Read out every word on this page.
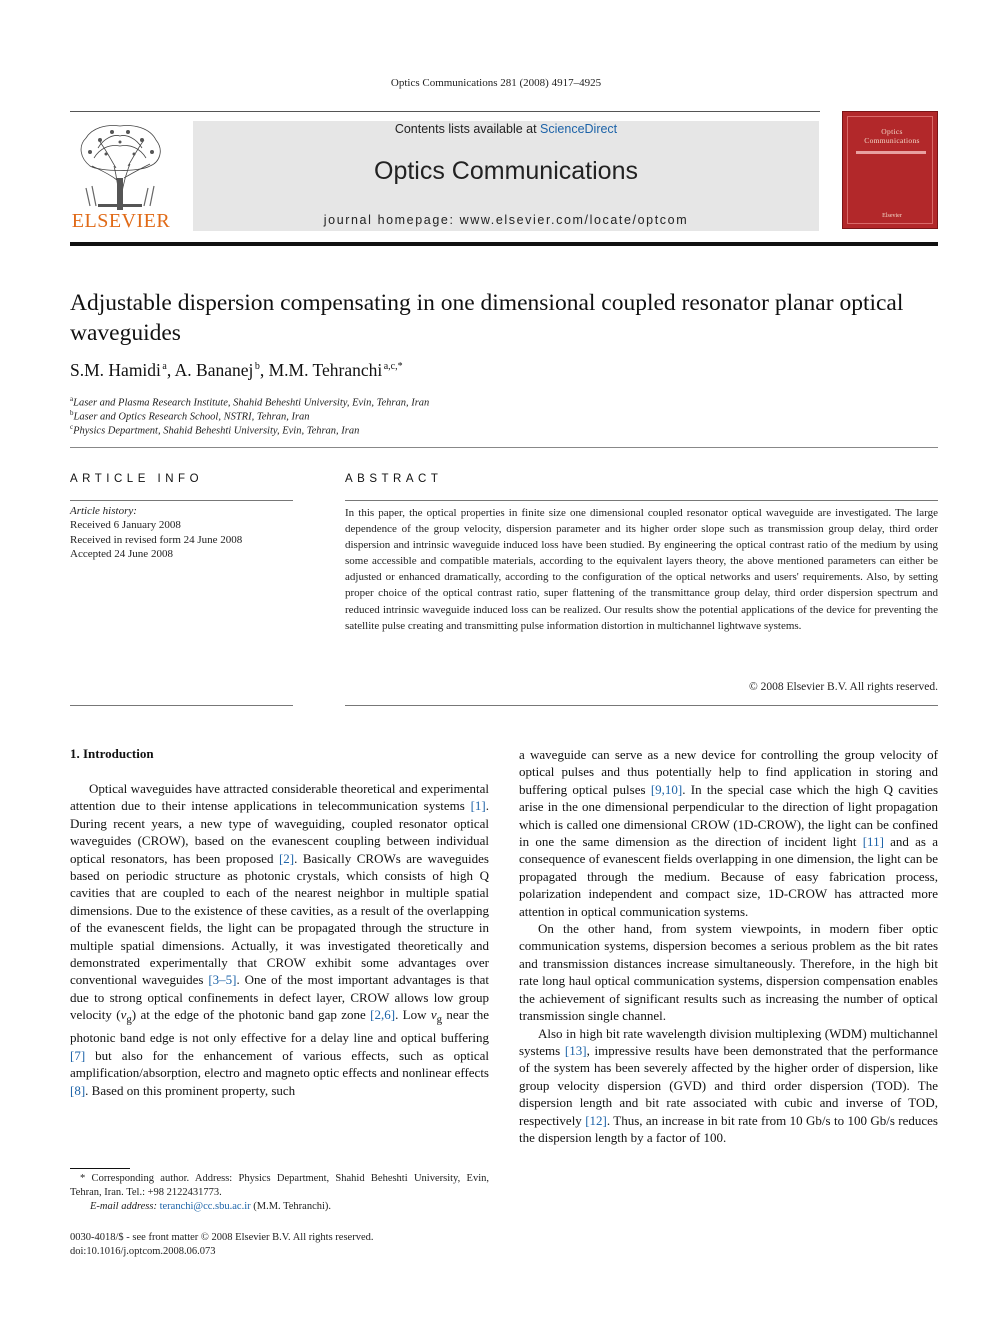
Optics Communications 281 (2008) 4917–4925
ELSEVIER
Contents lists available at ScienceDirect
Optics Communications
journal homepage: www.elsevier.com/locate/optcom
Optics
Communications
Elsevier
Adjustable dispersion compensating in one dimensional coupled resonator planar optical waveguides
S.M. Hamidi $^a$, A. Bananej $^b$, M.M. Tehranchi $^{a,c,*}$
$^a$Laser and Plasma Research Institute, Shahid Beheshti University, Evin, Tehran, Iran
$^b$Laser and Optics Research School, NSTRI, Tehran, Iran
$^c$Physics Department, Shahid Beheshti University, Evin, Tehran, Iran
ARTICLE INFO	ABSTRACT
Article history:
Received 6 January 2008
Received in revised form 24 June 2008
Accepted 24 June 2008
In this paper, the optical properties in finite size one dimensional coupled resonator optical waveguide are investigated. The large dependence of the group velocity, dispersion parameter and its higher order slope such as transmission group delay, third order dispersion and intrinsic waveguide induced loss have been studied. By engineering the optical contrast ratio of the medium by using some accessible and compatible materials, according to the equivalent layers theory, the above mentioned parameters can either be adjusted or enhanced dramatically, according to the configuration of the optical networks and users' requirements. Also, by setting proper choice of the optical contrast ratio, super flattening of the transmittance group delay, third order dispersion spectrum and reduced intrinsic waveguide induced loss can be realized. Our results show the potential applications of the device for preventing the satellite pulse creating and transmitting pulse information distortion in multichannel lightwave systems.
© 2008 Elsevier B.V. All rights reserved.
1. Introduction

Optical waveguides have attracted considerable theoretical and experimental attention due to their intense applications in telecommunication systems [1]. During recent years, a new type of waveguiding, coupled resonator optical waveguides (CROW), based on the evanescent coupling between individual optical resonators, has been proposed [2]. Basically CROWs are waveguides based on periodic structure as photonic crystals, which consists of high Q cavities that are coupled to each of the nearest neighbor in multiple spatial dimensions. Due to the existence of these cavities, as a result of the overlapping of the evanescent fields, the light can be propagated through the structure in multiple spatial dimensions. Actually, it was investigated theoretically and demonstrated experimentally that CROW exhibit some advantages over conventional waveguides [3–5]. One of the most important advantages is that due to strong optical confinements in defect layer, CROW allows low group velocity $(v_g)$ at the edge of the photonic band gap zone [2,6]. Low $v_g$ near the photonic band edge is not only effective for a delay line and optical buffering [7] but also for the enhancement of various effects, such as optical amplification/absorption, electro and magneto optic effects and nonlinear effects [8]. Based on this prominent property, such

a waveguide can serve as a new device for controlling the group velocity of optical pulses and thus potentially help to find application in storing and buffering optical pulses [9,10]. In the special case which the high Q cavities arise in the one dimensional perpendicular to the direction of light propagation which is called one dimensional CROW (1D-CROW), the light can be confined in one the same dimension as the direction of incident light [11] and as a consequence of evanescent fields overlapping in one dimension, the light can be propagated through the medium. Because of easy fabrication process, polarization independent and compact size, 1D-CROW has attracted more attention in optical communication systems.

On the other hand, from system viewpoints, in modern fiber optic communication systems, dispersion becomes a serious problem as the bit rates and transmission distances increase simultaneously. Therefore, in the high bit rate long haul optical communication systems, dispersion compensation enables the achievement of significant results such as increasing the number of optical transmission single channel.

Also in high bit rate wavelength division multiplexing (WDM) multichannel systems [13], impressive results have been demonstrated that the performance of the system has been severely affected by the higher order of dispersion, like group velocity dispersion (GVD) and third order dispersion (TOD). The dispersion length and bit rate associated with cubic and inverse of TOD, respectively [12]. Thus, an increase in bit rate from 10 Gb/s to 100 Gb/s reduces the dispersion length by a factor of 100.

* Corresponding author. Address: Physics Department, Shahid Beheshti University, Evin, Tehran, Iran. Tel.: +98 2122431773.
E-mail address: teranchi@cc.sbu.ac.ir (M.M. Tehranchi).
0030-4018/$ - see front matter © 2008 Elsevier B.V. All rights reserved.
doi:10.1016/j.optcom.2008.06.073
